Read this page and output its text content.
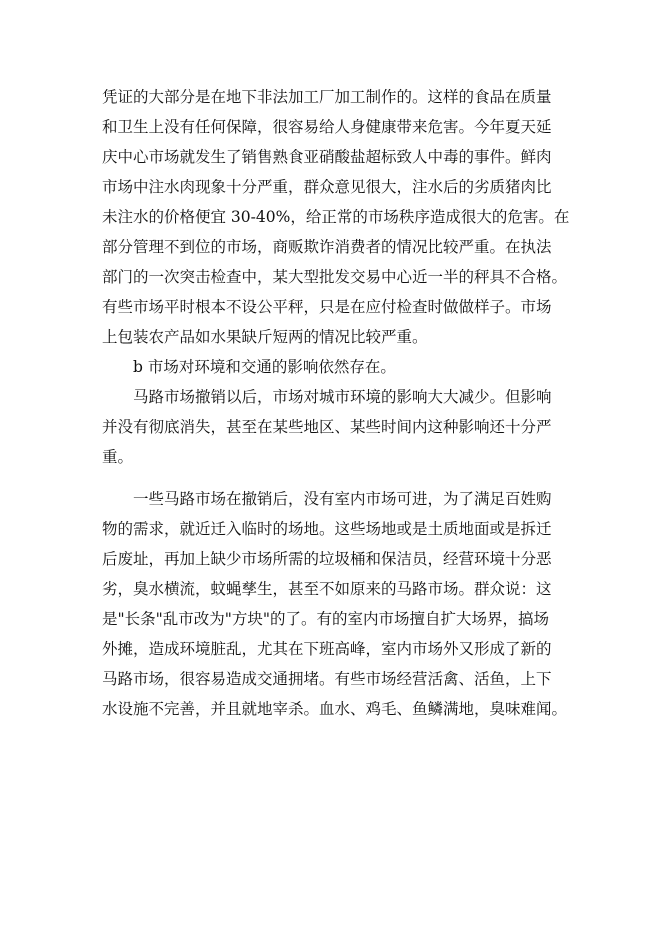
凭证的大部分是在地下非法加工厂加工制作的。这样的食品在质量
和卫生上没有任何保障，很容易给人身健康带来危害。今年夏天延
庆中心市场就发生了销售熟食亚硝酸盐超标致人中毒的事件。鲜肉
市场中注水肉现象十分严重，群众意见很大，注水后的劣质猪肉比
未注水的价格便宜 30-40%，给正常的市场秩序造成很大的危害。在
部分管理不到位的市场，商贩欺诈消费者的情况比较严重。在执法
部门的一次突击检查中，某大型批发交易中心近一半的秤具不合格。
有些市场平时根本不设公平秤，只是在应付检查时做做样子。市场
上包装农产品如水果缺斤短两的情况比较严重。
b 市场对环境和交通的影响依然存在。
马路市场撤销以后，市场对城市环境的影响大大减少。但影响
并没有彻底消失，甚至在某些地区、某些时间内这种影响还十分严
重。
一些马路市场在撤销后，没有室内市场可进，为了满足百姓购
物的需求，就近迁入临时的场地。这些场地或是土质地面或是拆迁
后废址，再加上缺少市场所需的垃圾桶和保洁员，经营环境十分恶
劣，臭水横流，蚊蝇孳生，甚至不如原来的马路市场。群众说：这
是"长条"乱市改为"方块"的了。有的室内市场擅自扩大场界，搞场
外摊，造成环境脏乱，尤其在下班高峰，室内市场外又形成了新的
马路市场，很容易造成交通拥堵。有些市场经营活禽、活鱼，上下
水设施不完善，并且就地宰杀。血水、鸡毛、鱼鳞满地，臭味难闻。
